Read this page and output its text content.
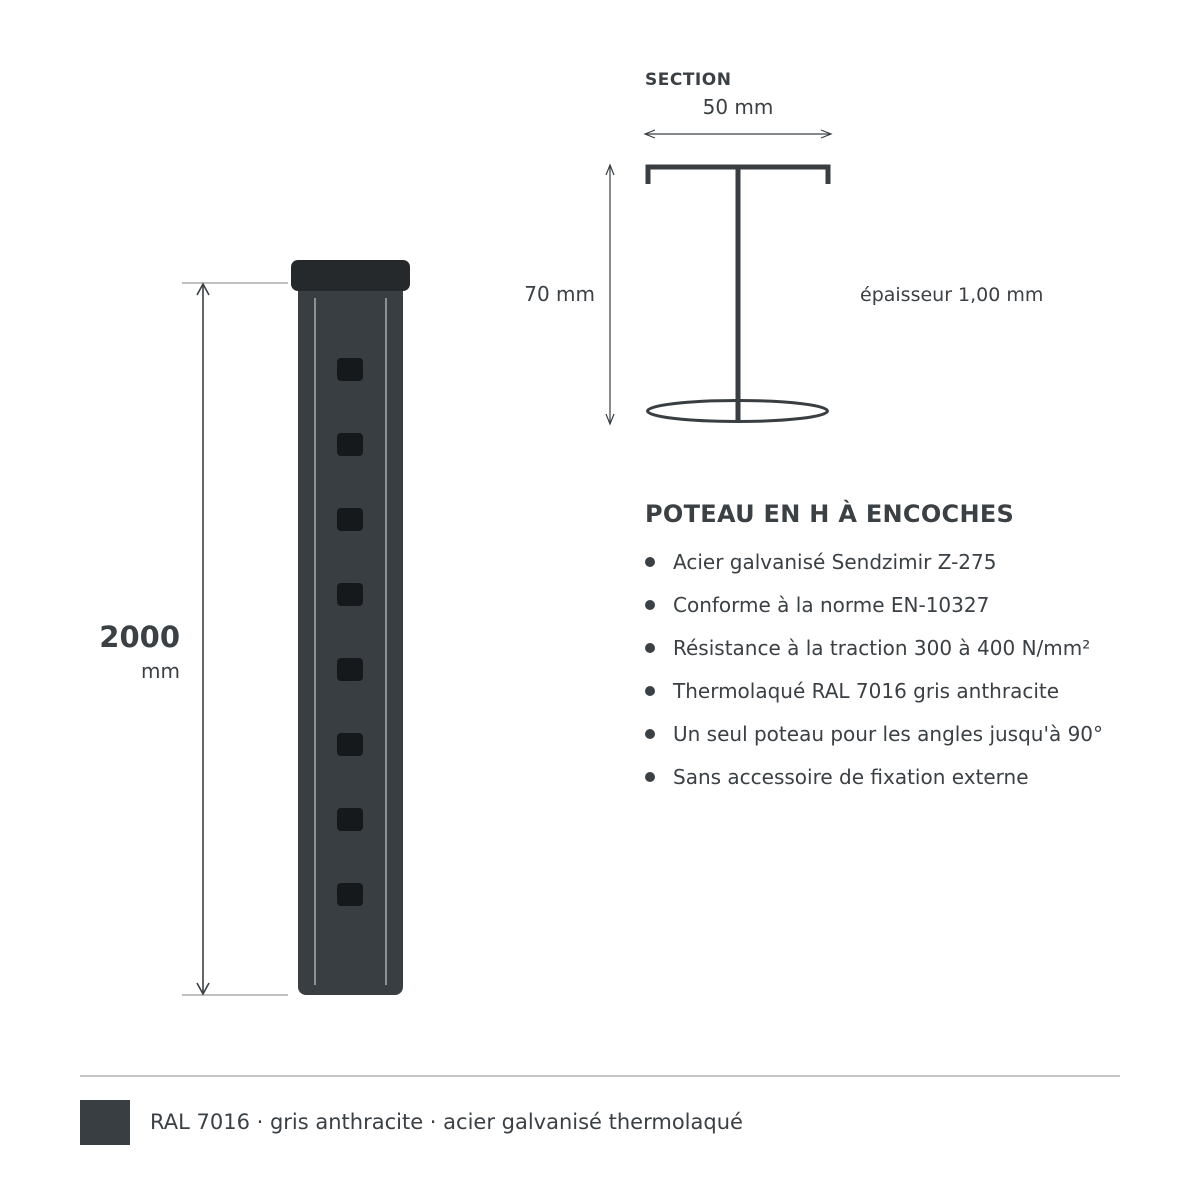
SECTION
50 mm
70 mm	épaisseur 1,00 mm
2000
mm
POTEAU EN H À ENCOCHES
Acier galvanisé Sendzimir Z-275
Conforme à la norme EN-10327
Résistance à la traction 300 à 400 N/mm²
Thermolaqué RAL 7016 gris anthracite
Un seul poteau pour les angles jusqu'à 90°
Sans accessoire de fixation externe
RAL 7016 · gris anthracite · acier galvanisé thermolaqué
